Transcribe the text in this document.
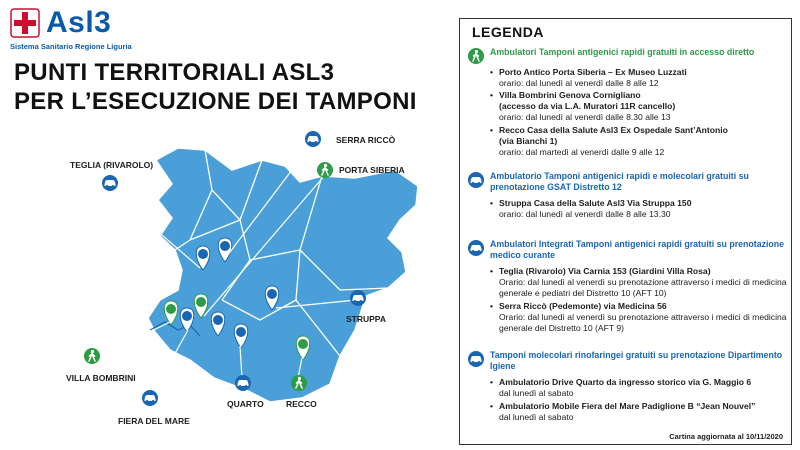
TEGLIA (RIVAROLO)
SERRA RICCÒ
PORTA SIBERIA
STRUPPA
VILLA BOMBRINI
FIERA DEL MARE
QUARTO	RECCO
Asl3
Sistema Sanitario Regione Liguria
PUNTI TERRITORIALI ASL3
PER L’ESECUZIONE DEI TAMPONI
LEGENDA
Ambulatori Tamponi antigenici rapidi gratuiti in accesso diretto
• Porto Antico Porta Siberia – Ex Museo Luzzati
orario: dal lunedì al venerdì dalle 8 alle 12
• Villa Bombrini Genova Cornigliano
(accesso da via L.A. Muratori 11R cancello)
orario: dal lunedì al venerdì dalle 8.30 alle 13
• Recco Casa della Salute Asl3 Ex Ospedale Sant’Antonio
(via Bianchi 1)
orario: dal martedì al venerdì dalle 9 alle 12
Ambulatorio Tamponi antigenici rapidi e molecolari gratuiti su prenotazione GSAT Distretto 12
• Struppa Casa della Salute Asl3 Via Struppa 150
orario: dal lunedì al venerdì dalle 8 alle 13.30
Ambulatori Integrati Tamponi antigenici rapidi gratuiti su prenotazione medico curante
• Teglia (Rivarolo) Via Carnia 153 (Giardini Villa Rosa)
Orario: dal lunedì al venerdì su prenotazione attraverso i medici di medicina generale e pediatri del Distretto 10 (AFT 10)
• Serra Riccò (Pedemonte) via Medicina 56
Orario: dal lunedì al venerdì su prenotazione attraverso i medici di medicina generale del Distretto 10 (AFT 9)
Tamponi molecolari rinofaringei gratuiti su prenotazione Dipartimento Igiene
• Ambulatorio Drive Quarto da ingresso storico via G. Maggio 6
dal lunedì al sabato
• Ambulatorio Mobile Fiera del Mare Padiglione B “Jean Nouvel”
dal lunedì al sabato
Cartina aggiornata al 10/11/2020
